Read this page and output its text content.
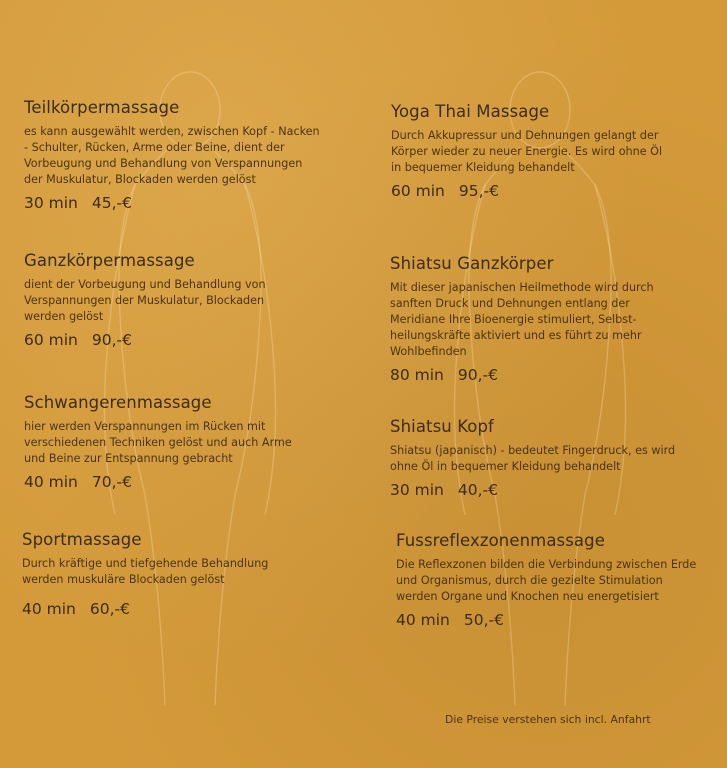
Teilkörpermassage

es kann ausgewählt werden, zwischen Kopf - Nacken

- Schulter, Rücken, Arme oder Beine, dient der

Vorbeugung und Behandlung von Verspannungen

der Muskulatur, Blockaden werden gelöst

30 min 45,-€
Ganzkörpermassage

dient der Vorbeugung und Behandlung von

Verspannungen der Muskulatur, Blockaden

werden gelöst

60 min 90,-€
Schwangerenmassage

hier werden Verspannungen im Rücken mit

verschiedenen Techniken gelöst und auch Arme

und Beine zur Entspannung gebracht

40 min 70,-€
Sportmassage

Durch kräftige und tiefgehende Behandlung

werden muskuläre Blockaden gelöst

40 min 60,-€
Yoga Thai Massage

Durch Akkupressur und Dehnungen gelangt der

Körper wieder zu neuer Energie. Es wird ohne Öl

in bequemer Kleidung behandelt

60 min 95,-€
Shiatsu Ganzkörper

Mit dieser japanischen Heilmethode wird durch

sanften Druck und Dehnungen entlang der

Meridiane Ihre Bioenergie stimuliert, Selbst-

heilungskräfte aktiviert und es führt zu mehr

Wohlbefinden

80 min 90,-€
Shiatsu Kopf

Shiatsu (japanisch) - bedeutet Fingerdruck, es wird

ohne Öl in bequemer Kleidung behandelt

30 min 40,-€
Fussreflexzonenmassage

Die Reflexzonen bilden die Verbindung zwischen Erde

und Organismus, durch die gezielte Stimulation

werden Organe und Knochen neu energetisiert

40 min 50,-€
Die Preise verstehen sich incl. Anfahrt
